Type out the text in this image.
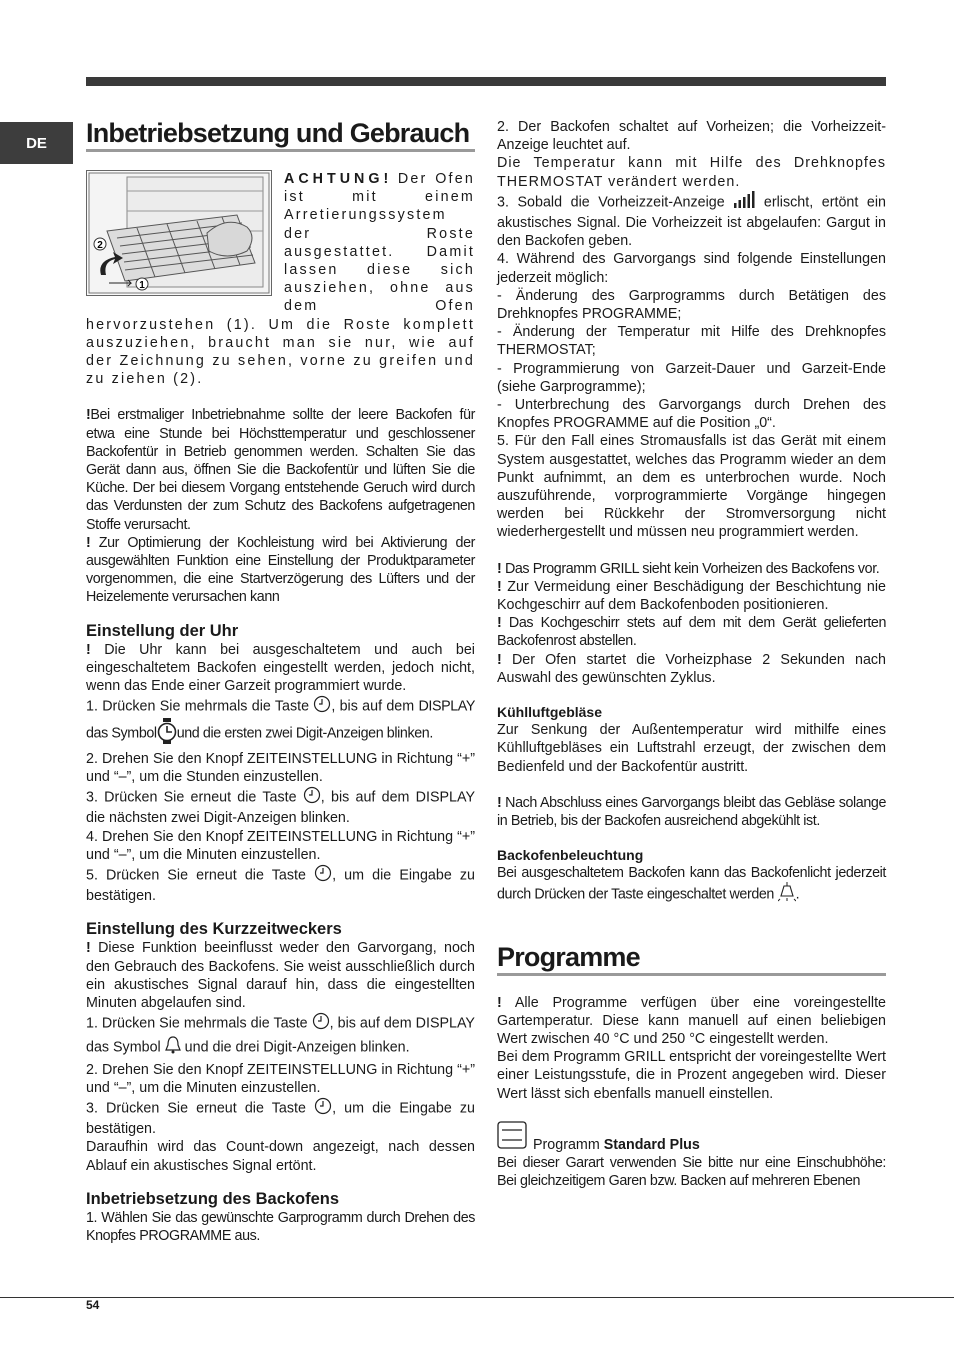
DE	Inbetriebsetzung und Gebrauch
2
1

ACHTUNG! Der Ofen ist mit einem Arretierungssystem der Roste ausgestattet. Damit lassen diese sich ausziehen, ohne aus dem Ofen hervorzustehen (1). Um die Roste komplett auszuziehen, braucht man sie nur, wie auf der Zeichnung zu sehen, vorne zu greifen und zu ziehen (2).

!Bei erstmaliger Inbetriebnahme sollte der leere Backofen für etwa eine Stunde bei Höchsttemperatur und geschlossener Backofentür in Betrieb genommen werden. Schalten Sie das Gerät dann aus, öffnen Sie die Backofentür und lüften Sie die Küche. Der bei diesem Vorgang entstehende Geruch wird durch das Verdunsten der zum Schutz des Backofens aufgetragenen Stoffe verursacht.

! Zur Optimierung der Kochleistung wird bei Aktivierung der ausgewählten Funktion eine Einstellung der Produktparameter vorgenommen, die eine Startverzögerung des Lüfters und der Heizelemente verursachen kann

Einstellung der Uhr

! Die Uhr kann bei ausgeschaltetem und auch bei eingeschaltetem Backofen eingestellt werden, jedoch nicht, wenn das Ende einer Garzeit programmiert wurde.

1. Drücken Sie mehrmals die Taste , bis auf dem DISPLAY das Symbol und die ersten zwei Digit-Anzeigen blinken.

2. Drehen Sie den Knopf ZEITEINSTELLUNG in Richtung “+” und “–”, um die Stunden einzustellen.

3. Drücken Sie erneut die Taste , bis auf dem DISPLAY die nächsten zwei Digit-Anzeigen blinken.

4. Drehen Sie den Knopf ZEITEINSTELLUNG in Richtung “+” und “–”, um die Minuten einzustellen.

5. Drücken Sie erneut die Taste , um die Eingabe zu bestätigen.

Einstellung des Kurzzeitweckers

! Diese Funktion beeinflusst weder den Garvorgang, noch den Gebrauch des Backofens. Sie weist ausschließlich durch ein akustisches Signal darauf hin, dass die eingestellten Minuten abgelaufen sind.

1. Drücken Sie mehrmals die Taste , bis auf dem DISPLAY das Symbol und die drei Digit-Anzeigen blinken.

2. Drehen Sie den Knopf ZEITEINSTELLUNG in Richtung “+” und “–”, um die Minuten einzustellen.

3. Drücken Sie erneut die Taste , um die Eingabe zu bestätigen.

Daraufhin wird das Count-down angezeigt, nach dessen Ablauf ein akustisches Signal ertönt.

Inbetriebsetzung des Backofens

1. Wählen Sie das gewünschte Garprogramm durch Drehen des Knopfes PROGRAMME aus.

2. Der Backofen schaltet auf Vorheizen; die Vorheizzeit-Anzeige leuchtet auf.

Die Temperatur kann mit Hilfe des Drehknopfes THERMOSTAT verändert werden.

3. Sobald die Vorheizzeit-Anzeige	erlischt, ertönt ein akustisches Signal. Die Vorheizzeit ist abgelaufen: Gargut in den Backofen geben.

4. Während des Garvorgangs sind folgende Einstellungen jederzeit möglich:

- Änderung des Garprogramms durch Betätigen des Drehknopfes PROGRAMME;

- Änderung der Temperatur mit Hilfe des Drehknopfes THERMOSTAT;

- Programmierung von Garzeit-Dauer und Garzeit-Ende (siehe Garprogramme);

- Unterbrechung des Garvorgangs durch Drehen des Knopfes PROGRAMME auf die Position „0“.

5. Für den Fall eines Stromausfalls ist das Gerät mit einem System ausgestattet, welches das Programm wieder an dem Punkt aufnimmt, an dem es unterbrochen wurde. Noch auszuführende, vorprogrammierte Vorgänge hingegen werden bei Rückkehr der Stromversorgung nicht wiederhergestellt und müssen neu programmiert werden.

! Das Programm GRILL sieht kein Vorheizen des Backofens vor.

! Zur Vermeidung einer Beschädigung der Beschichtung nie Kochgeschirr auf dem Backofenboden positionieren.

! Das Kochgeschirr stets auf dem mit dem Gerät gelieferten Backofenrost abstellen.

! Der Ofen startet die Vorheizphase 2 Sekunden nach Auswahl des gewünschten Zyklus.

Kühlluftgebläse

Zur Senkung der Außentemperatur wird mithilfe eines Kühlluftgebläses ein Luftstrahl erzeugt, der zwischen dem Bedienfeld und der Backofentür austritt.

! Nach Abschluss eines Garvorgangs bleibt das Gebläse solange in Betrieb, bis der Backofen ausreichend abgekühlt ist.

Backofenbeleuchtung

Bei ausgeschaltetem Backofen kann das Backofenlicht jederzeit durch Drücken der Taste eingeschaltet werden .

Programme

! Alle Programme verfügen über eine voreingestellte Gartemperatur. Diese kann manuell auf einen beliebigen Wert zwischen 40 °C und 250 °C eingestellt werden.

Bei dem Programm GRILL entspricht der voreingestellte Wert einer Leistungsstufe, die in Prozent angegeben wird. Dieser Wert lässt sich ebenfalls manuell einstellen.

Programm Standard Plus

Bei dieser Garart verwenden Sie bitte nur eine Einschubhöhe: Bei gleichzeitigem Garen bzw. Backen auf mehreren Ebenen

54
